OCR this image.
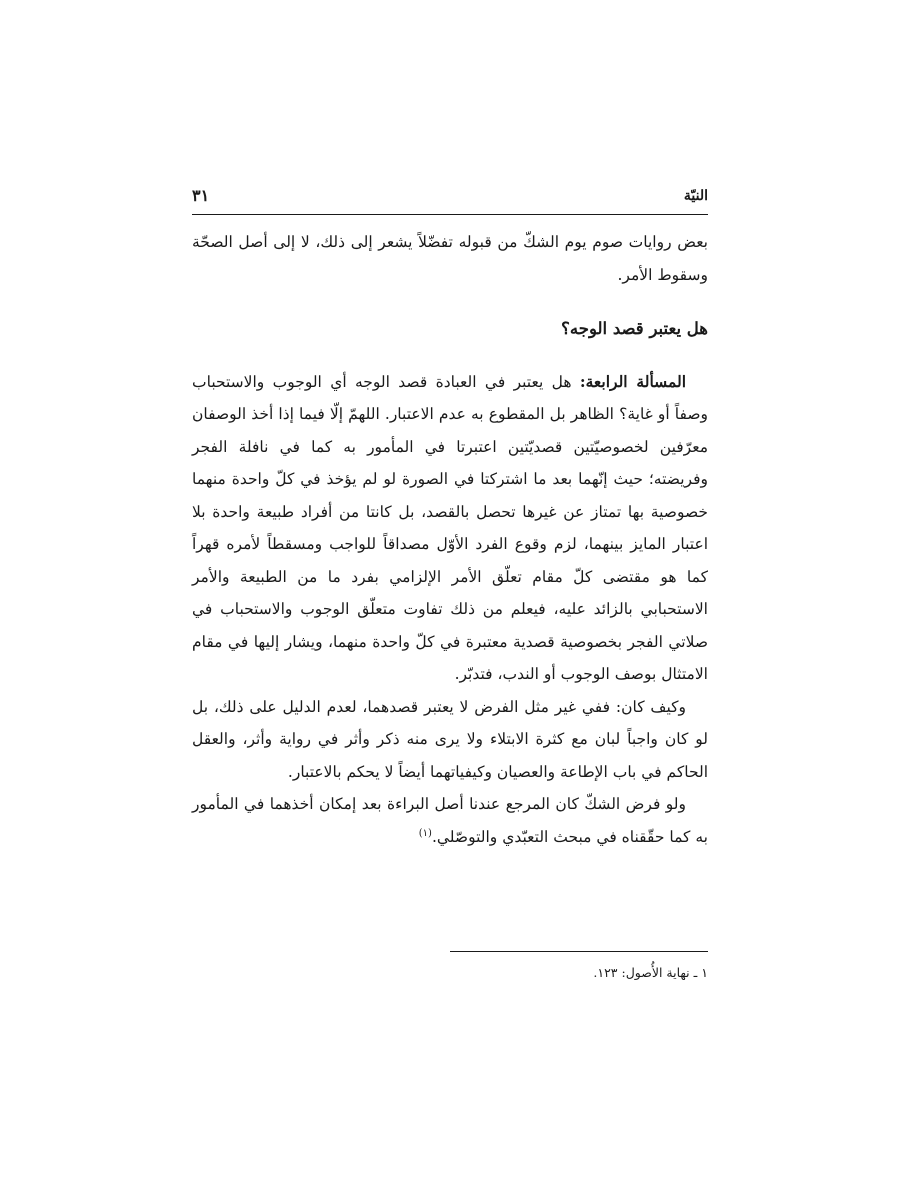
النيّة
٣١

بعض روايات صوم يوم الشكّ من قبوله تفضّلاً يشعر إلى ذلك، لا إلى أصل الصحّة وسقوط الأمر.

هل يعتبر قصد الوجه؟

المسألة الرابعة: هل يعتبر في العبادة قصد الوجه أي الوجوب والاستحباب وصفاً أو غاية؟ الظاهر بل المقطوع به عدم الاعتبار. اللهمّ إلّا فيما إذا أخذ الوصفان معرّفين لخصوصيّتين قصديّتين اعتبرتا في المأمور به كما في نافلة الفجر وفريضته؛ حيث إنّهما بعد ما اشتركتا في الصورة لو لم يؤخذ في كلّ واحدة منهما خصوصية بها تمتاز عن غيرها تحصل بالقصد، بل كانتا من أفراد طبيعة واحدة بلا اعتبار المايز بينهما، لزم وقوع الفرد الأوّل مصداقاً للواجب ومسقطاً لأمره قهراً كما هو مقتضى كلّ مقام تعلّق الأمر الإلزامي بفرد ما من الطبيعة والأمر الاستحبابي بالزائد عليه، فيعلم من ذلك تفاوت متعلّق الوجوب والاستحباب في صلاتي الفجر بخصوصية قصدية معتبرة في كلّ واحدة منهما، ويشار إليها في مقام الامتثال بوصف الوجوب أو الندب، فتدبّر.

وكيف كان: ففي غير مثل الفرض لا يعتبر قصدهما، لعدم الدليل على ذلك، بل لو كان واجباً لبان مع كثرة الابتلاء ولا يرى منه ذكر وأثر في رواية وأثر، والعقل الحاكم في باب الإطاعة والعصيان وكيفياتهما أيضاً لا يحكم بالاعتبار.

ولو فرض الشكّ كان المرجع عندنا أصل البراءة بعد إمكان أخذهما في المأمور به كما حقّقناه في مبحث التعبّدي والتوصّلي.$^{(١)}$

١ ـ نهاية الأُصول: ١٢٣.
